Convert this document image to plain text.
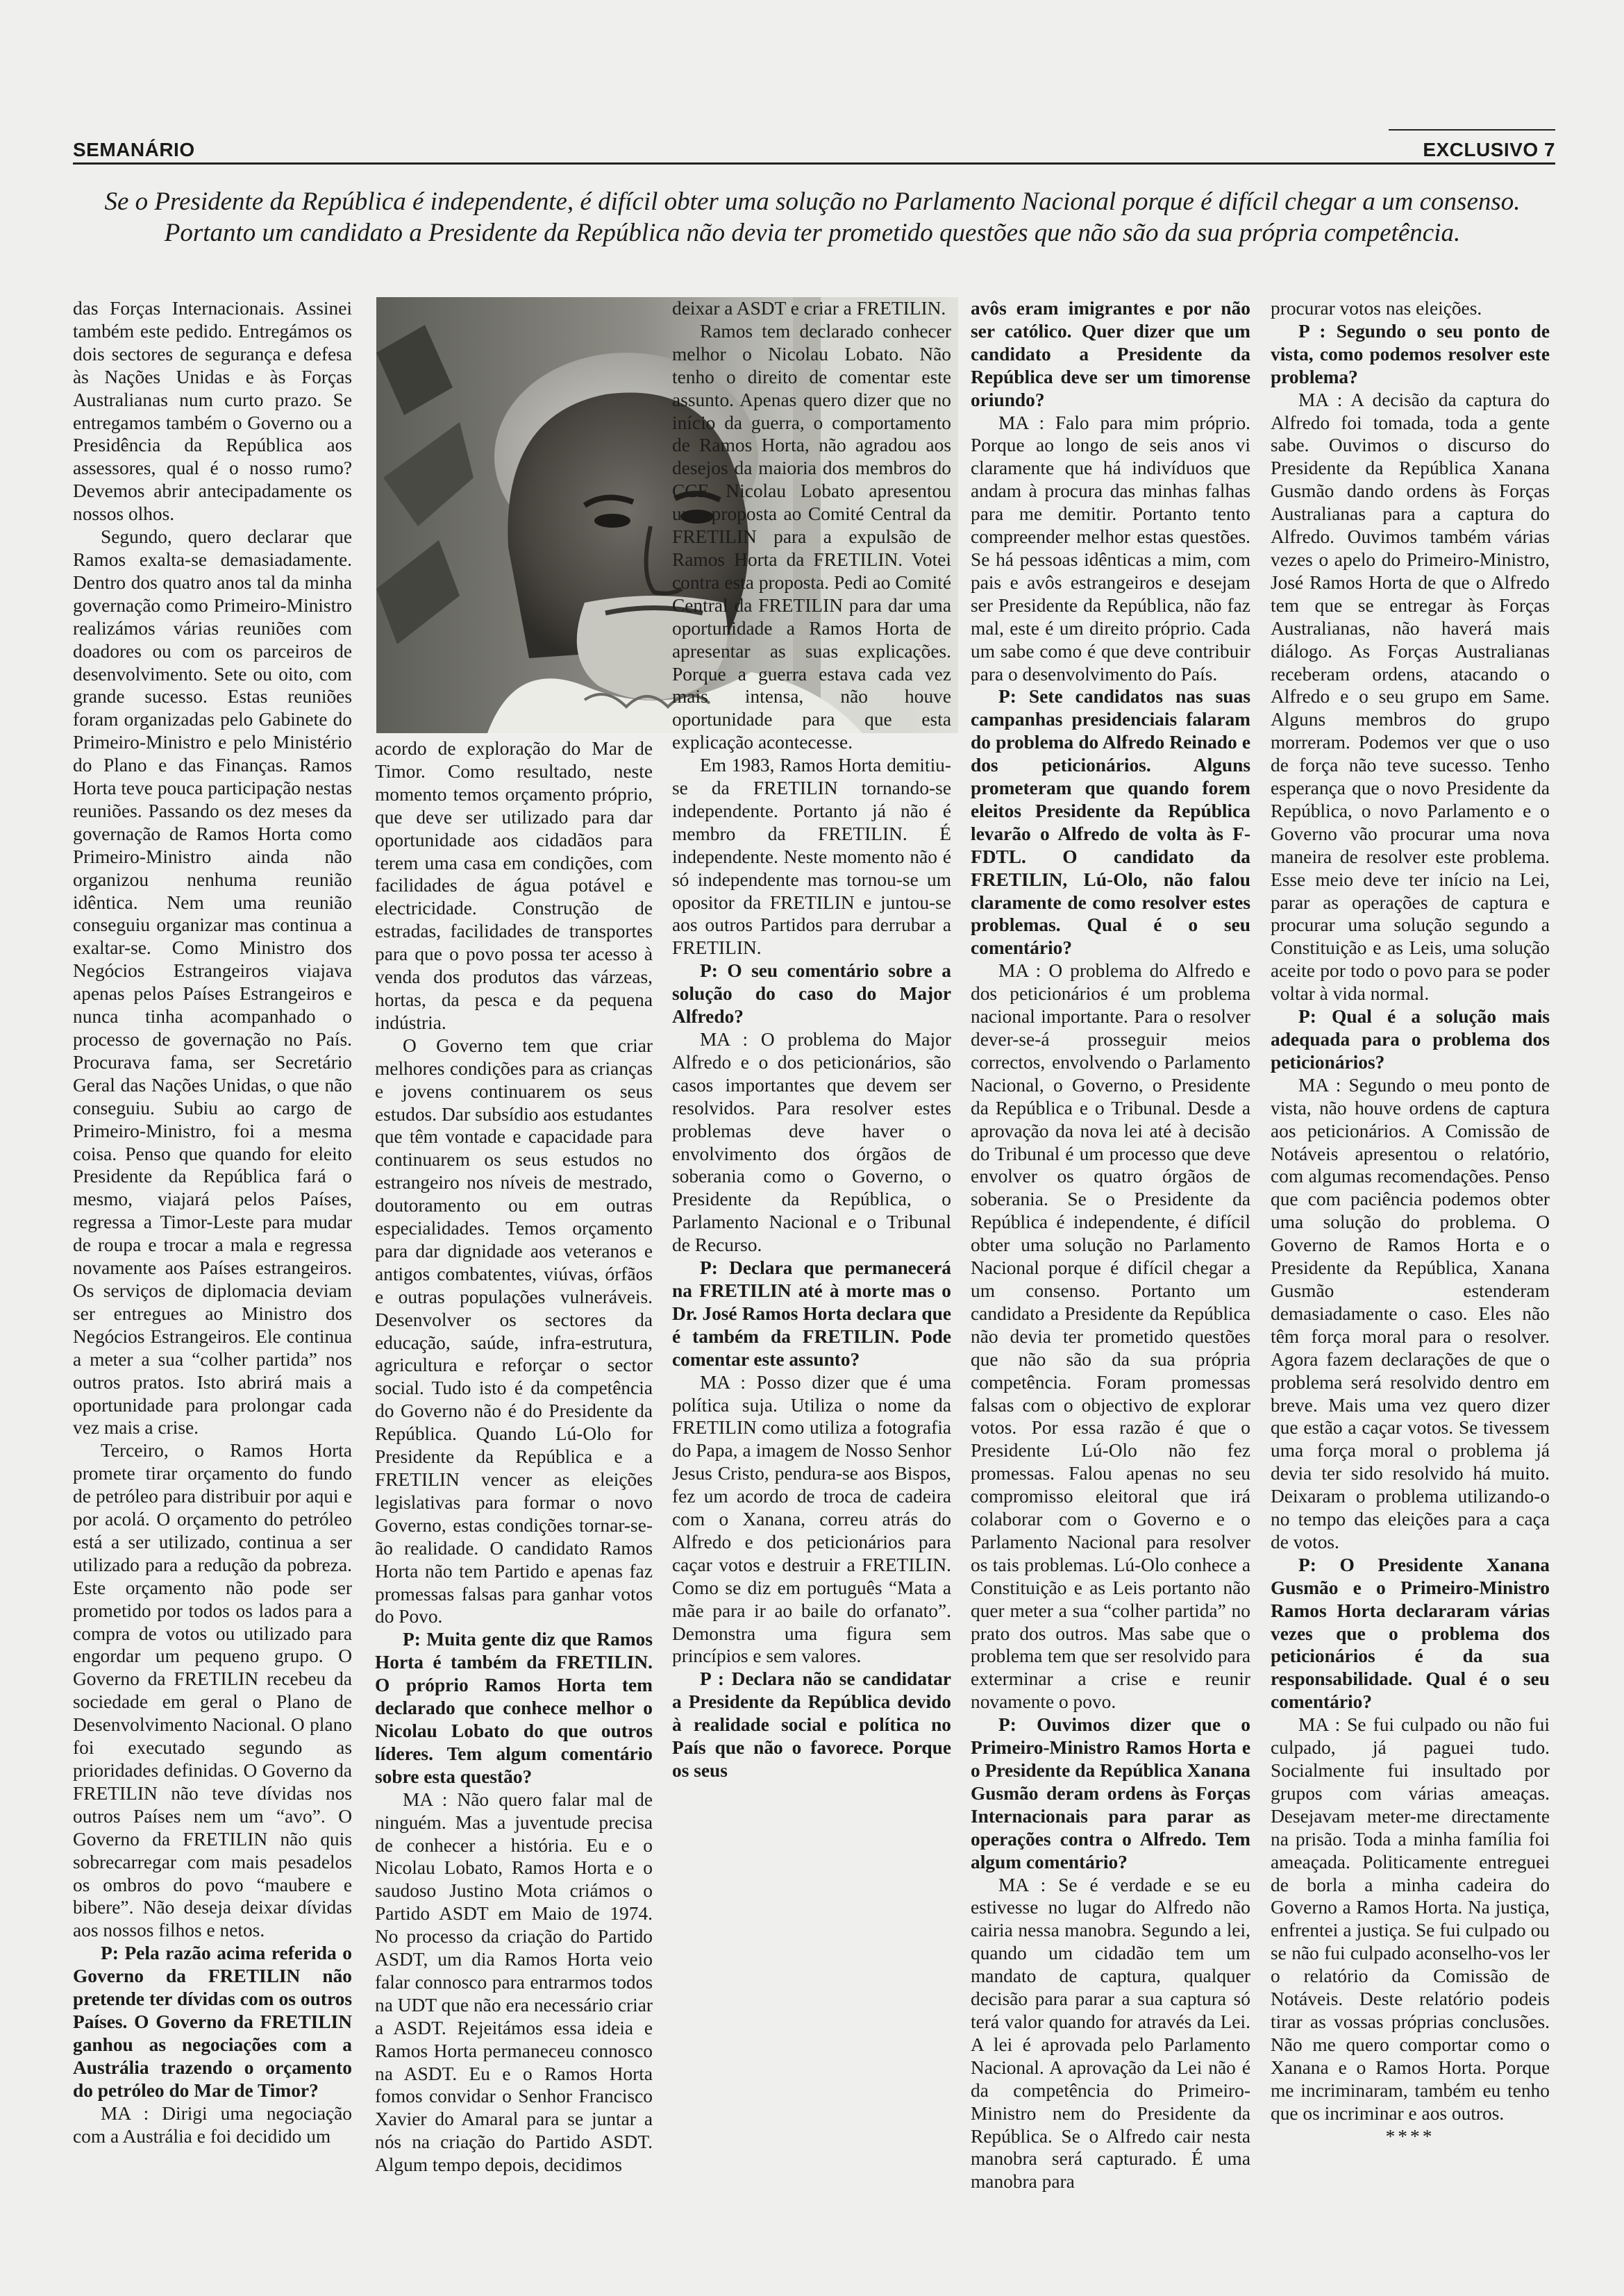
SEMANÁRIO	EXCLUSIVO 7
Se o Presidente da República é independente, é difícil obter uma solução no Parlamento Nacional porque é difícil chegar a um consenso. Portanto um candidato a Presidente da República não devia ter prometido questões que não são da sua própria competência.

das Forças Internacionais. Assinei também este pedido. Entregámos os dois sectores de segurança e defesa às Nações Unidas e às Forças Australianas num curto prazo. Se entregamos também o Governo ou a Presidência da República aos assessores, qual é o nosso rumo? Devemos abrir antecipadamente os nossos olhos.

Segundo, quero declarar que Ramos exalta-se demasiadamente. Dentro dos quatro anos tal da minha governação como Primeiro-Ministro realizámos várias reuniões com doadores ou com os parceiros de desenvolvimento. Sete ou oito, com grande sucesso. Estas reuniões foram organizadas pelo Gabinete do Primeiro-Ministro e pelo Ministério do Plano e das Finanças. Ramos Horta teve pouca participação nestas reuniões. Passando os dez meses da governação de Ramos Horta como Primeiro-Ministro ainda não organizou nenhuma reunião idêntica. Nem uma reunião conseguiu organizar mas continua a exaltar-se. Como Ministro dos Negócios Estrangeiros viajava apenas pelos Países Estrangeiros e nunca tinha acompanhado o processo de governação no País. Procurava fama, ser Secretário Geral das Nações Unidas, o que não conseguiu. Subiu ao cargo de Primeiro-Ministro, foi a mesma coisa. Penso que quando for eleito Presidente da República fará o mesmo, viajará pelos Países, regressa a Timor-Leste para mudar de roupa e trocar a mala e regressa novamente aos Países estrangeiros. Os serviços de diplomacia deviam ser entregues ao Ministro dos Negócios Estrangeiros. Ele continua a meter a sua “colher partida” nos outros pratos. Isto abrirá mais a oportunidade para prolongar cada vez mais a crise.

Terceiro, o Ramos Horta promete tirar orçamento do fundo de petróleo para distribuir por aqui e por acolá. O orçamento do petróleo está a ser utilizado, continua a ser utilizado para a redução da pobreza. Este orçamento não pode ser prometido por todos os lados para a compra de votos ou utilizado para engordar um pequeno grupo. O Governo da FRETILIN recebeu da sociedade em geral o Plano de Desenvolvimento Nacional. O plano foi executado segundo as prioridades definidas. O Governo da FRETILIN não teve dívidas nos outros Países nem um “avo”. O Governo da FRETILIN não quis sobrecarregar com mais pesadelos os ombros do povo “maubere e bibere”. Não deseja deixar dívidas aos nossos filhos e netos.

P: Pela razão acima referida o Governo da FRETILIN não pretende ter dívidas com os outros Países. O Governo da FRETILIN ganhou as negociações com a Austrália trazendo o orçamento do petróleo do Mar de Timor?

MA : Dirigi uma negociação com a Austrália e foi decidido um

acordo de exploração do Mar de Timor. Como resultado, neste momento temos orçamento próprio, que deve ser utilizado para dar oportunidade aos cidadãos para terem uma casa em condições, com facilidades de água potável e electricidade. Construção de estradas, facilidades de transportes para que o povo possa ter acesso à venda dos produtos das várzeas, hortas, da pesca e da pequena indústria.

O Governo tem que criar melhores condições para as crianças e jovens continuarem os seus estudos. Dar subsídio aos estudantes que têm vontade e capacidade para continuarem os seus estudos no estrangeiro nos níveis de mestrado, doutoramento ou em outras especialidades. Temos orçamento para dar dignidade aos veteranos e antigos combatentes, viúvas, órfãos e outras populações vulneráveis. Desenvolver os sectores da educação, saúde, infra-estrutura, agricultura e reforçar o sector social. Tudo isto é da competência do Governo não é do Presidente da República. Quando Lú-Olo for Presidente da República e a FRETILIN vencer as eleições legislativas para formar o novo Governo, estas condições tornar-se-ão realidade. O candidato Ramos Horta não tem Partido e apenas faz promessas falsas para ganhar votos do Povo.

P: Muita gente diz que Ramos Horta é também da FRETILIN. O próprio Ramos Horta tem declarado que conhece melhor o Nicolau Lobato do que outros líderes. Tem algum comentário sobre esta questão?

MA : Não quero falar mal de ninguém. Mas a juventude precisa de conhecer a história. Eu e o Nicolau Lobato, Ramos Horta e o saudoso Justino Mota criámos o Partido ASDT em Maio de 1974. No processo da criação do Partido ASDT, um dia Ramos Horta veio falar connosco para entrarmos todos na UDT que não era necessário criar a ASDT. Rejeitámos essa ideia e Ramos Horta permaneceu connosco na ASDT. Eu e o Ramos Horta fomos convidar o Senhor Francisco Xavier do Amaral para se juntar a nós na criação do Partido ASDT. Algum tempo depois, decidimos

deixar a ASDT e criar a FRETILIN.

Ramos tem declarado conhecer melhor o Nicolau Lobato. Não tenho o direito de comentar este assunto. Apenas quero dizer que no início da guerra, o comportamento de Ramos Horta, não agradou aos desejos da maioria dos membros do CCF. Nicolau Lobato apresentou uma proposta ao Comité Central da FRETILIN para a expulsão de Ramos Horta da FRETILIN. Votei contra esta proposta. Pedi ao Comité Central da FRETILIN para dar uma oportunidade a Ramos Horta de apresentar as suas explicações. Porque a guerra estava cada vez mais intensa, não houve oportunidade para que esta explicação acontecesse.

Em 1983, Ramos Horta demitiu-se da FRETILIN tornando-se independente. Portanto já não é membro da FRETILIN. É independente. Neste momento não é só independente mas tornou-se um opositor da FRETILIN e juntou-se aos outros Partidos para derrubar a FRETILIN.

P: O seu comentário sobre a solução do caso do Major Alfredo?

MA : O problema do Major Alfredo e o dos peticionários, são casos importantes que devem ser resolvidos. Para resolver estes problemas deve haver o envolvimento dos órgãos de soberania como o Governo, o Presidente da República, o Parlamento Nacional e o Tribunal de Recurso.

P: Declara que permanecerá na FRETILIN até à morte mas o Dr. José Ramos Horta declara que é também da FRETILIN. Pode comentar este assunto?

MA : Posso dizer que é uma política suja. Utiliza o nome da FRETILIN como utiliza a fotografia do Papa, a imagem de Nosso Senhor Jesus Cristo, pendura-se aos Bispos, fez um acordo de troca de cadeira com o Xanana, correu atrás do Alfredo e dos peticionários para caçar votos e destruir a FRETILIN. Como se diz em português “Mata a mãe para ir ao baile do orfanato”. Demonstra uma figura sem princípios e sem valores.

P : Declara não se candidatar a Presidente da República devido à realidade social e política no País que não o favorece. Porque os seus

avôs eram imigrantes e por não ser católico. Quer dizer que um candidato a Presidente da República deve ser um timorense oriundo?

MA : Falo para mim próprio. Porque ao longo de seis anos vi claramente que há indivíduos que andam à procura das minhas falhas para me demitir. Portanto tento compreender melhor estas questões. Se há pessoas idênticas a mim, com pais e avôs estrangeiros e desejam ser Presidente da República, não faz mal, este é um direito próprio. Cada um sabe como é que deve contribuir para o desenvolvimento do País.

P: Sete candidatos nas suas campanhas presidenciais falaram do problema do Alfredo Reinado e dos peticionários. Alguns prometeram que quando forem eleitos Presidente da República levarão o Alfredo de volta às F-FDTL. O candidato da FRETILIN, Lú-Olo, não falou claramente de como resolver estes problemas. Qual é o seu comentário?

MA : O problema do Alfredo e dos peticionários é um problema nacional importante. Para o resolver dever-se-á prosseguir meios correctos, envolvendo o Parlamento Nacional, o Governo, o Presidente da República e o Tribunal. Desde a aprovação da nova lei até à decisão do Tribunal é um processo que deve envolver os quatro órgãos de soberania. Se o Presidente da República é independente, é difícil obter uma solução no Parlamento Nacional porque é difícil chegar a um consenso. Portanto um candidato a Presidente da República não devia ter prometido questões que não são da sua própria competência. Foram promessas falsas com o objectivo de explorar votos. Por essa razão é que o Presidente Lú-Olo não fez promessas. Falou apenas no seu compromisso eleitoral que irá colaborar com o Governo e o Parlamento Nacional para resolver os tais problemas. Lú-Olo conhece a Constituição e as Leis portanto não quer meter a sua “colher partida” no prato dos outros. Mas sabe que o problema tem que ser resolvido para exterminar a crise e reunir novamente o povo.

P: Ouvimos dizer que o Primeiro-Ministro Ramos Horta e o Presidente da República Xanana Gusmão deram ordens às Forças Internacionais para parar as operações contra o Alfredo. Tem algum comentário?

MA : Se é verdade e se eu estivesse no lugar do Alfredo não cairia nessa manobra. Segundo a lei, quando um cidadão tem um mandato de captura, qualquer decisão para parar a sua captura só terá valor quando for através da Lei. A lei é aprovada pelo Parlamento Nacional. A aprovação da Lei não é da competência do Primeiro-Ministro nem do Presidente da República. Se o Alfredo cair nesta manobra será capturado. É uma manobra para

procurar votos nas eleições.

P : Segundo o seu ponto de vista, como podemos resolver este problema?

MA : A decisão da captura do Alfredo foi tomada, toda a gente sabe. Ouvimos o discurso do Presidente da República Xanana Gusmão dando ordens às Forças Australianas para a captura do Alfredo. Ouvimos também várias vezes o apelo do Primeiro-Ministro, José Ramos Horta de que o Alfredo tem que se entregar às Forças Australianas, não haverá mais diálogo. As Forças Australianas receberam ordens, atacando o Alfredo e o seu grupo em Same. Alguns membros do grupo morreram. Podemos ver que o uso de força não teve sucesso. Tenho esperança que o novo Presidente da República, o novo Parlamento e o Governo vão procurar uma nova maneira de resolver este problema. Esse meio deve ter início na Lei, parar as operações de captura e procurar uma solução segundo a Constituição e as Leis, uma solução aceite por todo o povo para se poder voltar à vida normal.

P: Qual é a solução mais adequada para o problema dos peticionários?

MA : Segundo o meu ponto de vista, não houve ordens de captura aos peticionários. A Comissão de Notáveis apresentou o relatório, com algumas recomendações. Penso que com paciência podemos obter uma solução do problema. O Governo de Ramos Horta e o Presidente da República, Xanana Gusmão estenderam demasiadamente o caso. Eles não têm força moral para o resolver. Agora fazem declarações de que o problema será resolvido dentro em breve. Mais uma vez quero dizer que estão a caçar votos. Se tivessem uma força moral o problema já devia ter sido resolvido há muito. Deixaram o problema utilizando-o no tempo das eleições para a caça de votos.

P: O Presidente Xanana Gusmão e o Primeiro-Ministro Ramos Horta declararam várias vezes que o problema dos peticionários é da sua responsabilidade. Qual é o seu comentário?

MA : Se fui culpado ou não fui culpado, já paguei tudo. Socialmente fui insultado por grupos com várias ameaças. Desejavam meter-me directamente na prisão. Toda a minha família foi ameaçada. Politicamente entreguei de borla a minha cadeira do Governo a Ramos Horta. Na justiça, enfrentei a justiça. Se fui culpado ou se não fui culpado aconselho-vos ler o relatório da Comissão de Notáveis. Deste relatório podeis tirar as vossas próprias conclusões. Não me quero comportar como o Xanana e o Ramos Horta. Porque me incriminaram, também eu tenho que os incriminar e aos outros.

****
